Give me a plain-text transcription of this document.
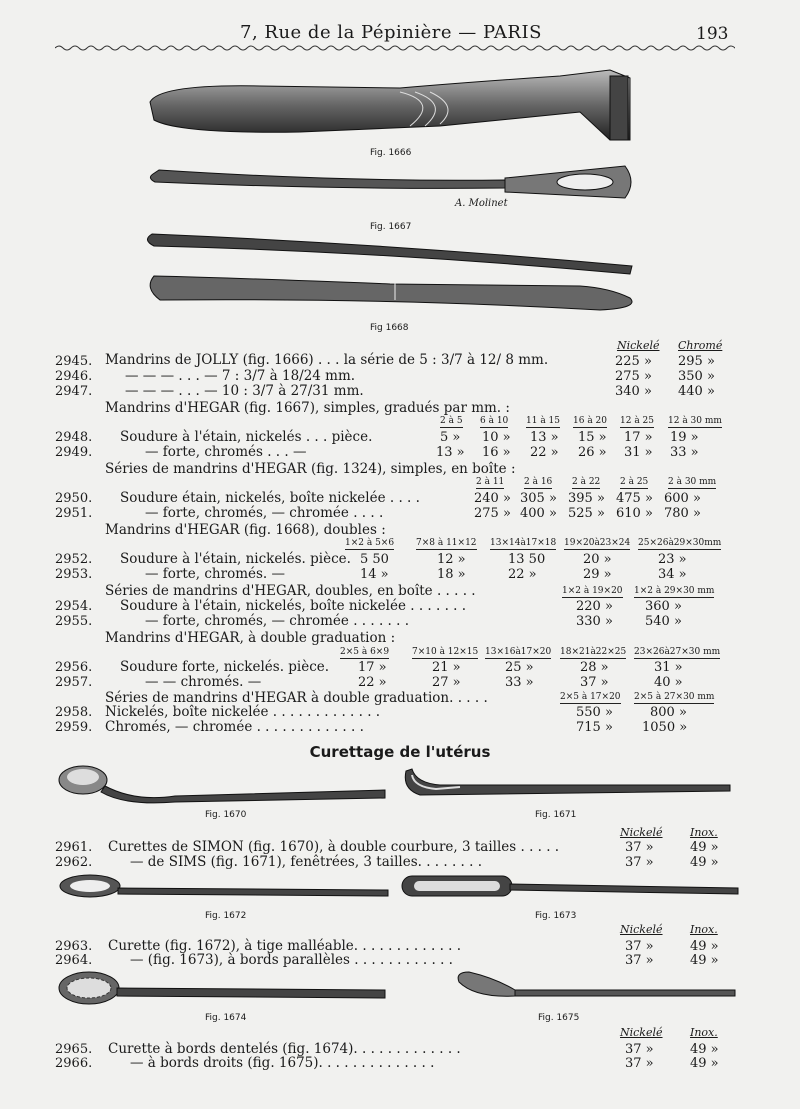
7, Rue de la Pépinière — PARIS	193
Fig. 1666
A. Molinet
Fig. 1667
Fig 1668
Nickelé Chromé
2945. Mandrins de JOLLY (fig. 1666) . . . la série de 5 : 3/7 à 12/ 8 mm.	225 » 295 »
2946. — — — . . . — 7 : 3/7 à 18/24 mm.	275 » 350 »
2947. — — — . . . — 10 : 3/7 à 27/31 mm.	340 » 440 »
Mandrins d'HEGAR (fig. 1667), simples, gradués par mm. :
2 à 5 6 à 10 11 à 15 16 à 20 12 à 25 12 à 30 mm
2948. Soudure à l'étain, nickelés . . . pièce.	5 » 10 » 13 » 15 » 17 » 19 »
2949.	— forte, chromés . . . —	13 » 16 » 22 » 26 » 31 » 33 »
Séries de mandrins d'HEGAR (fig. 1324), simples, en boîte :
2 à 11 2 à 16 2 à 22 2 à 25 2 à 30 mm
2950. Soudure étain, nickelés, boîte nickelée . . . .	240 » 305 » 395 » 475 » 600 »
2951.	— forte, chromés, — chromée . . . .	275 » 400 » 525 » 610 » 780 »
Mandrins d'HEGAR (fig. 1668), doubles :
1×2 à 5×6 7×8 à 11×12 13×14à17×18 19×20à23×24 25×26à29×30mm
2952. Soudure à l'étain, nickelés. pièce. 5 50	12 »	13 50	20 »	23 »
2953.	— forte, chromés. —	14 »	18 »	22 »	29 »	34 »
Séries de mandrins d'HEGAR, doubles, en boîte . . . . .	1×2 à 19×20 1×2 à 29×30 mm
2954. Soudure à l'étain, nickelés, boîte nickelée . . . . . . .	220 » 360 »
2955.	— forte, chromés, — chromée . . . . . . .	330 » 540 »
Mandrins d'HEGAR, à double graduation :
2×5 à 6×9	7×10 à 12×15 13×16à17×20 18×21à22×25 23×26à27×30 mm
2956. Soudure forte, nickelés. pièce. 17 »	21 »	25 »	28 »	31 »
2957.	— — chromés. —	22 »	27 »	33 »	37 »	40 »
Séries de mandrins d'HEGAR à double graduation. . . . .	2×5 à 17×20 2×5 à 27×30 mm
2958. Nickelés, boîte nickelée . . . . . . . . . . . . .	550 »	800 »
2959. Chromés, — chromée . . . . . . . . . . . . .	715 » 1050 »
Curettage de l'utérus
Fig. 1670	Fig. 1671
Nickelé Inox.
2961. Curettes de SIMON (fig. 1670), à double courbure, 3 tailles . . . . .	37 »	49 »
2962.	— de SIMS (fig. 1671), fenêtrées, 3 tailles. . . . . . . .	37 »	49 »
Fig. 1672	Fig. 1673
Nickelé Inox.
2963. Curette (fig. 1672), à tige malléable. . . . . . . . . . . . .	37 »	49 »
2964.	— (fig. 1673), à bords parallèles . . . . . . . . . . . .	37 »	49 »
Fig. 1674	Fig. 1675
Nickelé Inox.
2965. Curette à bords dentelés (fig. 1674). . . . . . . . . . . . .	37 »	49 »
2966.	— à bords droits (fig. 1675). . . . . . . . . . . . . .	37 »	49 »
